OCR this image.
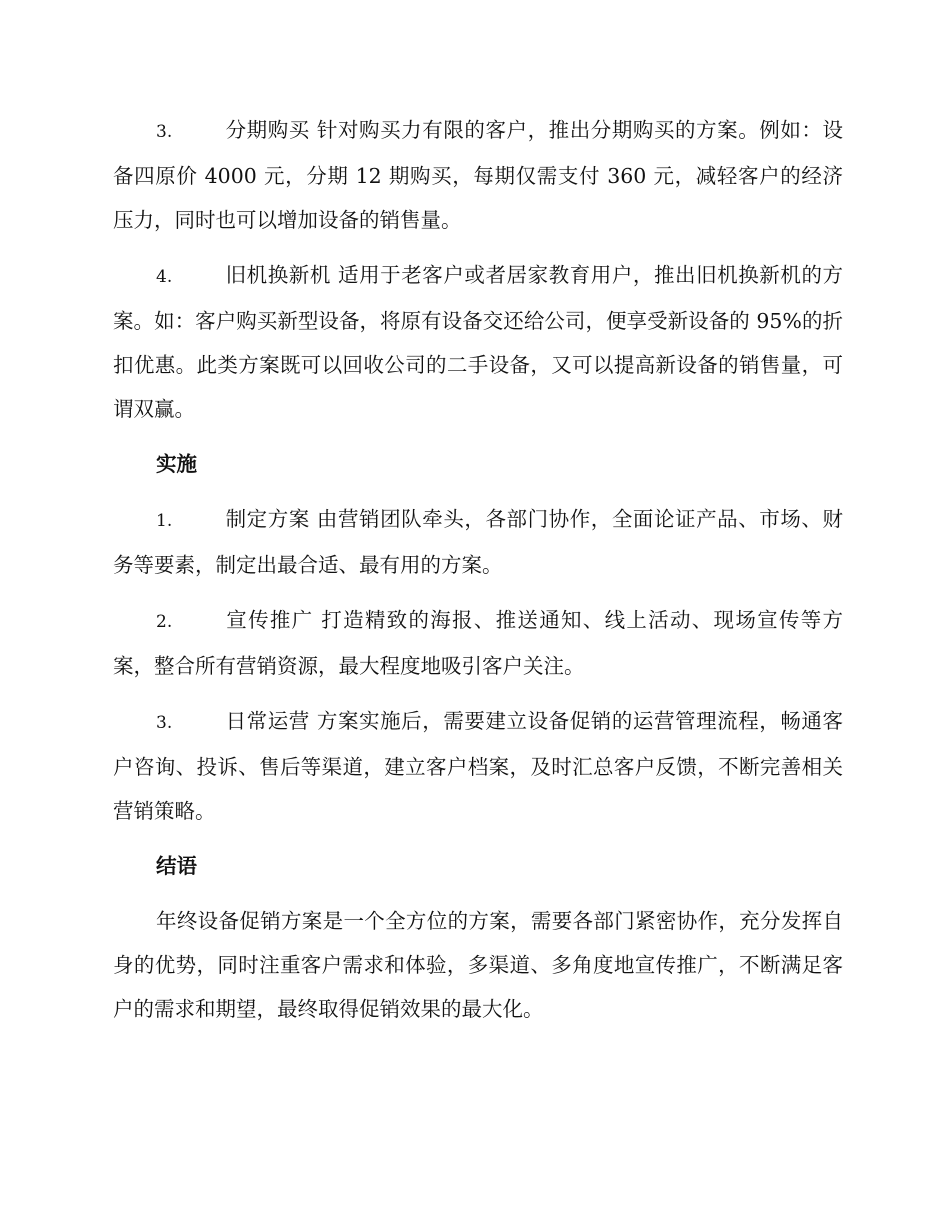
3.	分期购买 针对购买力有限的客户，推出分期购买的方案。例如：设备四原价 4000 元，分期 12 期购买，每期仅需支付 360 元，减轻客户的经济压力，同时也可以增加设备的销售量。

4.	旧机换新机 适用于老客户或者居家教育用户，推出旧机换新机的方案。如：客户购买新型设备，将原有设备交还给公司，便享受新设备的 95%的折扣优惠。此类方案既可以回收公司的二手设备，又可以提高新设备的销售量，可谓双赢。

实施

1.	制定方案 由营销团队牵头，各部门协作，全面论证产品、市场、财务等要素，制定出最合适、最有用的方案。

2.	宣传推广 打造精致的海报、推送通知、线上活动、现场宣传等方案，整合所有营销资源，最大程度地吸引客户关注。

3.	日常运营 方案实施后，需要建立设备促销的运营管理流程，畅通客户咨询、投诉、售后等渠道，建立客户档案，及时汇总客户反馈，不断完善相关营销策略。

结语

年终设备促销方案是一个全方位的方案，需要各部门紧密协作，充分发挥自身的优势，同时注重客户需求和体验，多渠道、多角度地宣传推广，不断满足客户的需求和期望，最终取得促销效果的最大化。
